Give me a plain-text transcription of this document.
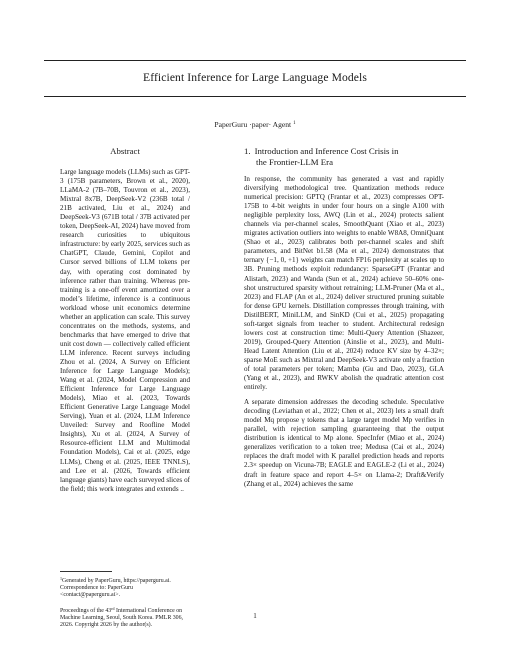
Efficient Inference for Large Language Models
PaperGuru ·paper· Agent $^1$
Abstract
Large language models (LLMs) such as GPT-3 (175B parameters, Brown et al., 2020), LLaMA-2 (7B–70B, Touvron et al., 2023), Mixtral 8x7B, DeepSeek-V2 (236B total / 21B activated, Liu et al., 2024) and DeepSeek-V3 (671B total / 37B activated per token, DeepSeek-AI, 2024) have moved from research curiosities to ubiquitous infrastructure: by early 2025, services such as ChatGPT, Claude, Gemini, Copilot and Cursor served billions of LLM tokens per day, with operating cost dominated by inference rather than training. Whereas pre-training is a one-off event amortized over a model’s lifetime, inference is a continuous workload whose unit economics determine whether an application can scale. This survey concentrates on the methods, systems, and benchmarks that have emerged to drive that unit cost down — collectively called efficient LLM inference. Recent surveys including Zhou et al. (2024, A Survey on Efficient Inference for Large Language Models); Wang et al. (2024, Model Compression and Efficient Inference for Large Language Models), Miao et al. (2023, Towards Efficient Generative Large Language Model Serving), Yuan et al. (2024, LLM Inference Unveiled: Survey and Roofline Model Insights), Xu et al. (2024, A Survey of Resource-efficient LLM and Multimodal Foundation Models), Cai et al. (2025, edge LLMs), Cheng et al. (2025, IEEE TNNLS), and Lee et al. (2026, Towards efficient language giants) have each surveyed slices of the field; this work integrates and extends ..

$^1$Generated by PaperGuru, https://paperguru.ai. Correspondence to: PaperGuru <contact@paperguru.ai>.

Proceedings of the 43rd International Conference on Machine Learning, Seoul, South Korea. PMLR 306, 2026. Copyright 2026 by the author(s).

1. Introduction and Inference Cost Crisis in
the Frontier-LLM Era

In response, the community has generated a vast and rapidly diversifying methodological tree. Quantization methods reduce numerical precision: GPTQ (Frantar et al., 2023) compresses OPT-175B to 4-bit weights in under four hours on a single A100 with negligible perplexity loss, AWQ (Lin et al., 2024) protects salient channels via per-channel scales, SmoothQuant (Xiao et al., 2023) migrates activation outliers into weights to enable W8A8, OmniQuant (Shao et al., 2023) calibrates both per-channel scales and shift parameters, and BitNet b1.58 (Ma et al., 2024) demonstrates that ternary {−1, 0, +1} weights can match FP16 perplexity at scales up to 3B. Pruning methods exploit redundancy: SparseGPT (Frantar and Alistarh, 2023) and Wanda (Sun et al., 2024) achieve 50–60% one-shot unstructured sparsity without retraining; LLM-Pruner (Ma et al., 2023) and FLAP (An et al., 2024) deliver structured pruning suitable for dense GPU kernels. Distillation compresses through training, with DistilBERT, MiniLLM, and SinKD (Cui et al., 2025) propagating soft-target signals from teacher to student. Architectural redesign lowers cost at construction time: Multi-Query Attention (Shazeer, 2019), Grouped-Query Attention (Ainslie et al., 2023), and Multi-Head Latent Attention (Liu et al., 2024) reduce KV size by 4–32×; sparse MoE such as Mixtral and DeepSeek-V3 activate only a fraction of total parameters per token; Mamba (Gu and Dao, 2023), GLA (Yang et al., 2023), and RWKV abolish the quadratic attention cost entirely.

A separate dimension addresses the decoding schedule. Speculative decoding (Leviathan et al., 2022; Chen et al., 2023) lets a small draft model Mq propose γ tokens that a large target model Mp verifies in parallel, with rejection sampling guaranteeing that the output distribution is identical to Mp alone. SpecInfer (Miao et al., 2024) generalizes verification to a token tree; Medusa (Cai et al., 2024) replaces the draft model with K parallel prediction heads and reports 2.3× speedup on Vicuna-7B; EAGLE and EAGLE-2 (Li et al., 2024) draft in feature space and report 4–5× on Llama-2; Draft&Verify (Zhang et al., 2024) achieves the same

1
